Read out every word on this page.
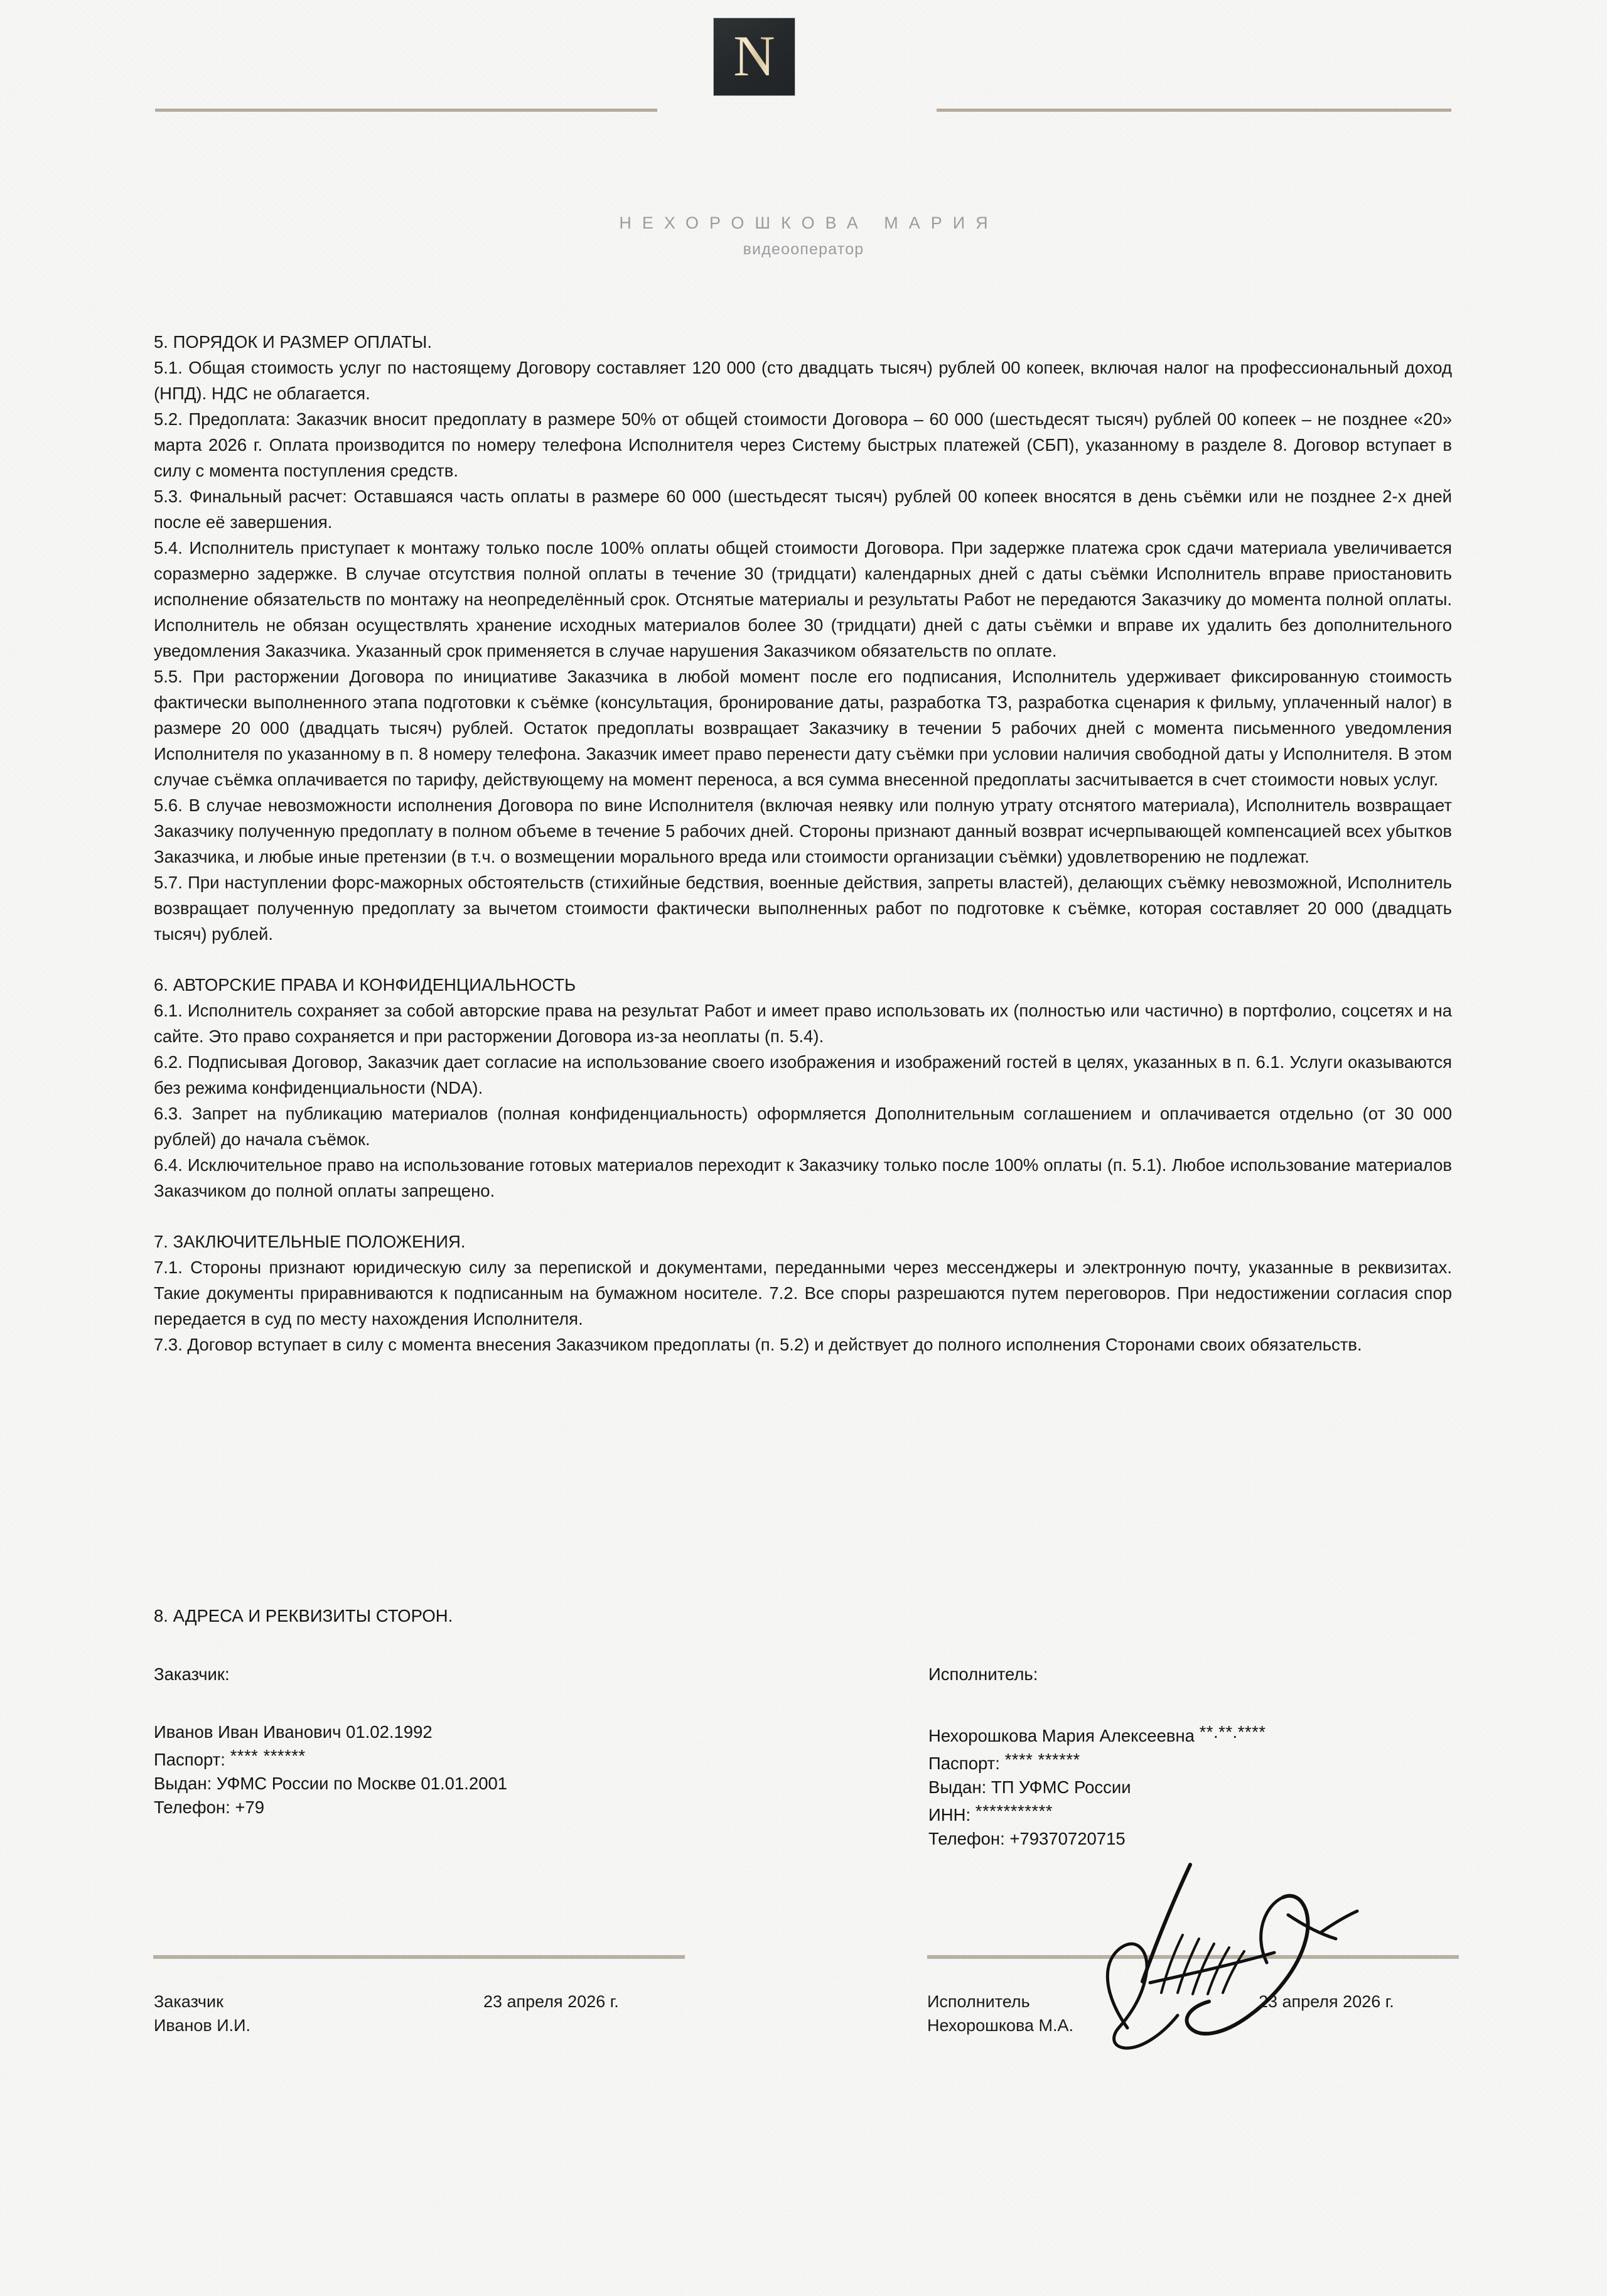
N
НЕХОРОШКОВА МАРИЯ
видеооператор

5. ПОРЯДОК И РАЗМЕР ОПЛАТЫ.

5.1. Общая стоимость услуг по настоящему Договору составляет 120 000 (сто двадцать тысяч) рублей 00 копеек, включая налог на профессиональный доход (НПД). НДС не облагается.

5.2. Предоплата: Заказчик вносит предоплату в размере 50% от общей стоимости Договора – 60 000 (шестьдесят тысяч) рублей 00 копеек – не позднее «20» марта 2026 г. Оплата производится по номеру телефона Исполнителя через Систему быстрых платежей (СБП), указанному в разделе 8. Договор вступает в силу с момента поступления средств.

5.3. Финальный расчет: Оставшаяся часть оплаты в размере 60 000 (шестьдесят тысяч) рублей 00 копеек вносятся в день съёмки или не позднее 2-х дней после её завершения.

5.4. Исполнитель приступает к монтажу только после 100% оплаты общей стоимости Договора. При задержке платежа срок сдачи материала увеличивается соразмерно задержке. В случае отсутствия полной оплаты в течение 30 (тридцати) календарных дней с даты съёмки Исполнитель вправе приостановить исполнение обязательств по монтажу на неопределённый срок. Отснятые материалы и результаты Работ не передаются Заказчику до момента полной оплаты. Исполнитель не обязан осуществлять хранение исходных материалов более 30 (тридцати) дней с даты съёмки и вправе их удалить без дополнительного уведомления Заказчика. Указанный срок применяется в случае нарушения Заказчиком обязательств по оплате.

5.5. При расторжении Договора по инициативе Заказчика в любой момент после его подписания, Исполнитель удерживает фиксированную стоимость фактически выполненного этапа подготовки к съёмке (консультация, бронирование даты, разработка ТЗ, разработка сценария к фильму, уплаченный налог) в размере 20 000 (двадцать тысяч) рублей. Остаток предоплаты возвращает Заказчику в течении 5 рабочих дней с момента письменного уведомления Исполнителя по указанному в п. 8 номеру телефона. Заказчик имеет право перенести дату съёмки при условии наличия свободной даты у Исполнителя. В этом случае съёмка оплачивается по тарифу, действующему на момент переноса, а вся сумма внесенной предоплаты засчитывается в счет стоимости новых услуг.

5.6. В случае невозможности исполнения Договора по вине Исполнителя (включая неявку или полную утрату отснятого материала), Исполнитель возвращает Заказчику полученную предоплату в полном объеме в течение 5 рабочих дней. Стороны признают данный возврат исчерпывающей компенсацией всех убытков Заказчика, и любые иные претензии (в т.ч. о возмещении морального вреда или стоимости организации съёмки) удовлетворению не подлежат.

5.7. При наступлении форс-мажорных обстоятельств (стихийные бедствия, военные действия, запреты властей), делающих съёмку невозможной, Исполнитель возвращает полученную предоплату за вычетом стоимости фактически выполненных работ по подготовке к съёмке, которая составляет 20 000 (двадцать тысяч) рублей.

6. АВТОРСКИЕ ПРАВА И КОНФИДЕНЦИАЛЬНОСТЬ

6.1. Исполнитель сохраняет за собой авторские права на результат Работ и имеет право использовать их (полностью или частично) в портфолио, соцсетях и на сайте. Это право сохраняется и при расторжении Договора из-за неоплаты (п. 5.4).

6.2. Подписывая Договор, Заказчик дает согласие на использование своего изображения и изображений гостей в целях, указанных в п. 6.1. Услуги оказываются без режима конфиденциальности (NDA).

6.3. Запрет на публикацию материалов (полная конфиденциальность) оформляется Дополнительным соглашением и оплачивается отдельно (от 30 000 рублей) до начала съёмок.

6.4. Исключительное право на использование готовых материалов переходит к Заказчику только после 100% оплаты (п. 5.1). Любое использование материалов Заказчиком до полной оплаты запрещено.

7. ЗАКЛЮЧИТЕЛЬНЫЕ ПОЛОЖЕНИЯ.

7.1. Стороны признают юридическую силу за перепиской и документами, переданными через мессенджеры и электронную почту, указанные в реквизитах. Такие документы приравниваются к подписанным на бумажном носителе. 7.2. Все споры разрешаются путем переговоров. При недостижении согласия спор передается в суд по месту нахождения Исполнителя.

7.3. Договор вступает в силу с момента внесения Заказчиком предоплаты (п. 5.2) и действует до полного исполнения Сторонами своих обязательств.

8. АДРЕСА И РЕКВИЗИТЫ СТОРОН.

Заказчик:

Иванов Иван Иванович 01.02.1992

Паспорт: **** ******

Выдан: УФМС России по Москве 01.01.2001

Телефон: +79

Исполнитель:

Нехорошкова Мария Алексеевна **.**.****

Паспорт: **** ******

Выдан: ТП УФМС России

ИНН: ***********

Телефон: +79370720715

Заказчик
Иванов И.И.
23 апреля 2026 г.	Исполнитель
Нехорошкова М.А.
23 апреля 2026 г.
